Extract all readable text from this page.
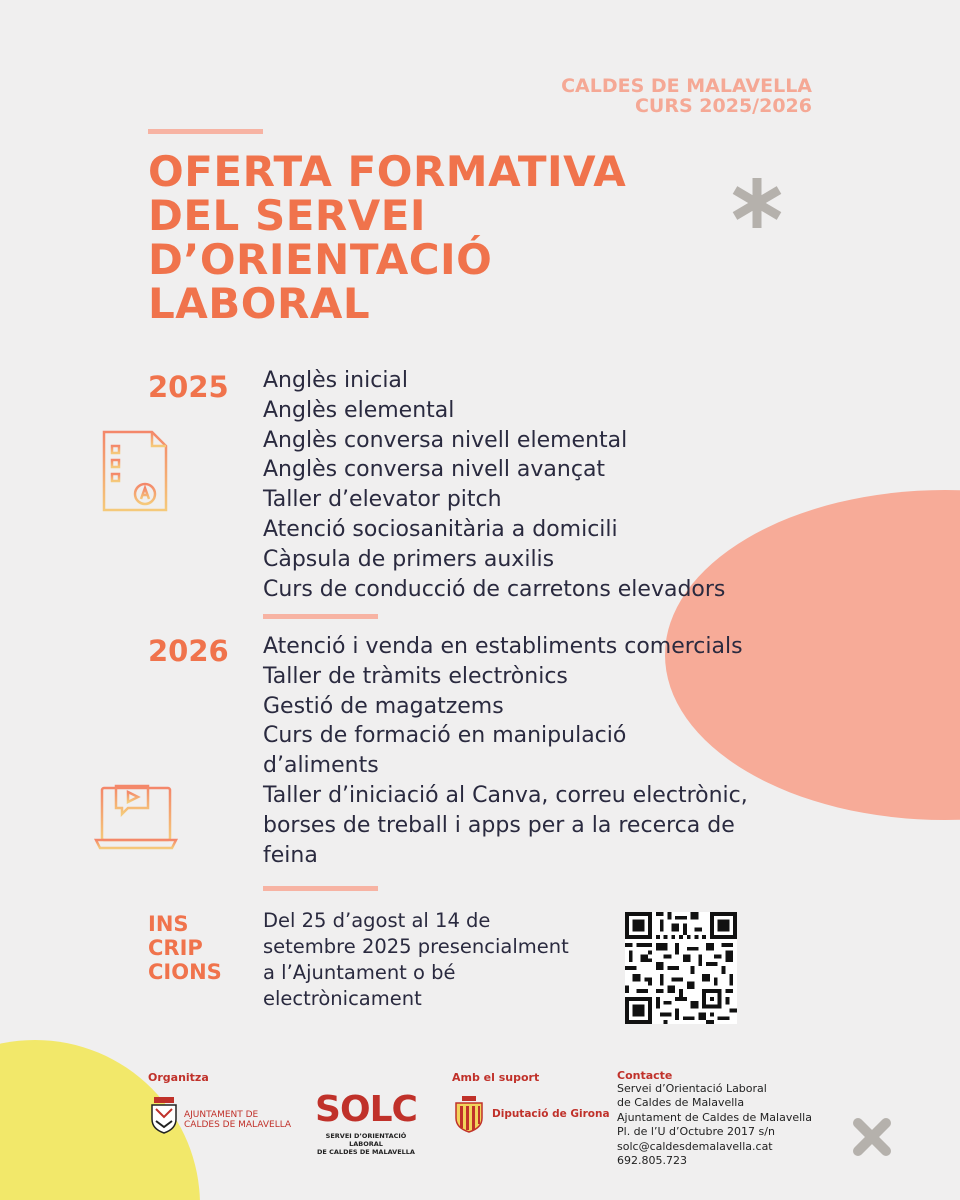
CALDES DE MALAVELLA
CURS 2025/2026
OFERTA FORMATIVA
DEL SERVEI
D’ORIENTACIÓ
LABORAL
2025 Anglès inicial
Anglès elemental
Anglès conversa nivell elemental
Anglès conversa nivell avançat
Taller d’elevator pitch
Atenció sociosanitària a domicili
Càpsula de primers auxilis
Curs de conducció de carretons elevadors
2026 Atenció i venda en establiments comercials
Taller de tràmits electrònics
Gestió de magatzems
Curs de formació en manipulació
d’aliments
Taller d’iniciació al Canva, correu electrònic,
borses de treball i apps per a la recerca de
feina
INS
CRIP
CIONS
Del 25 d’agost al 14 de
setembre 2025 presencialment
a l’Ajuntament o bé
electrònicament
Organitza	Amb el suport	Contacte
AJUNTAMENT DE
CALDES DE MALAVELLA SOLC
SERVEI D’ORIENTACIÓ LABORAL
DE CALDES DE MALAVELLA
Diputació de Girona
Servei d’Orientació Laboral
de Caldes de Malavella
Ajuntament de Caldes de Malavella
Pl. de l’U d’Octubre 2017 s/n
solc@caldesdemalavella.cat
692.805.723
